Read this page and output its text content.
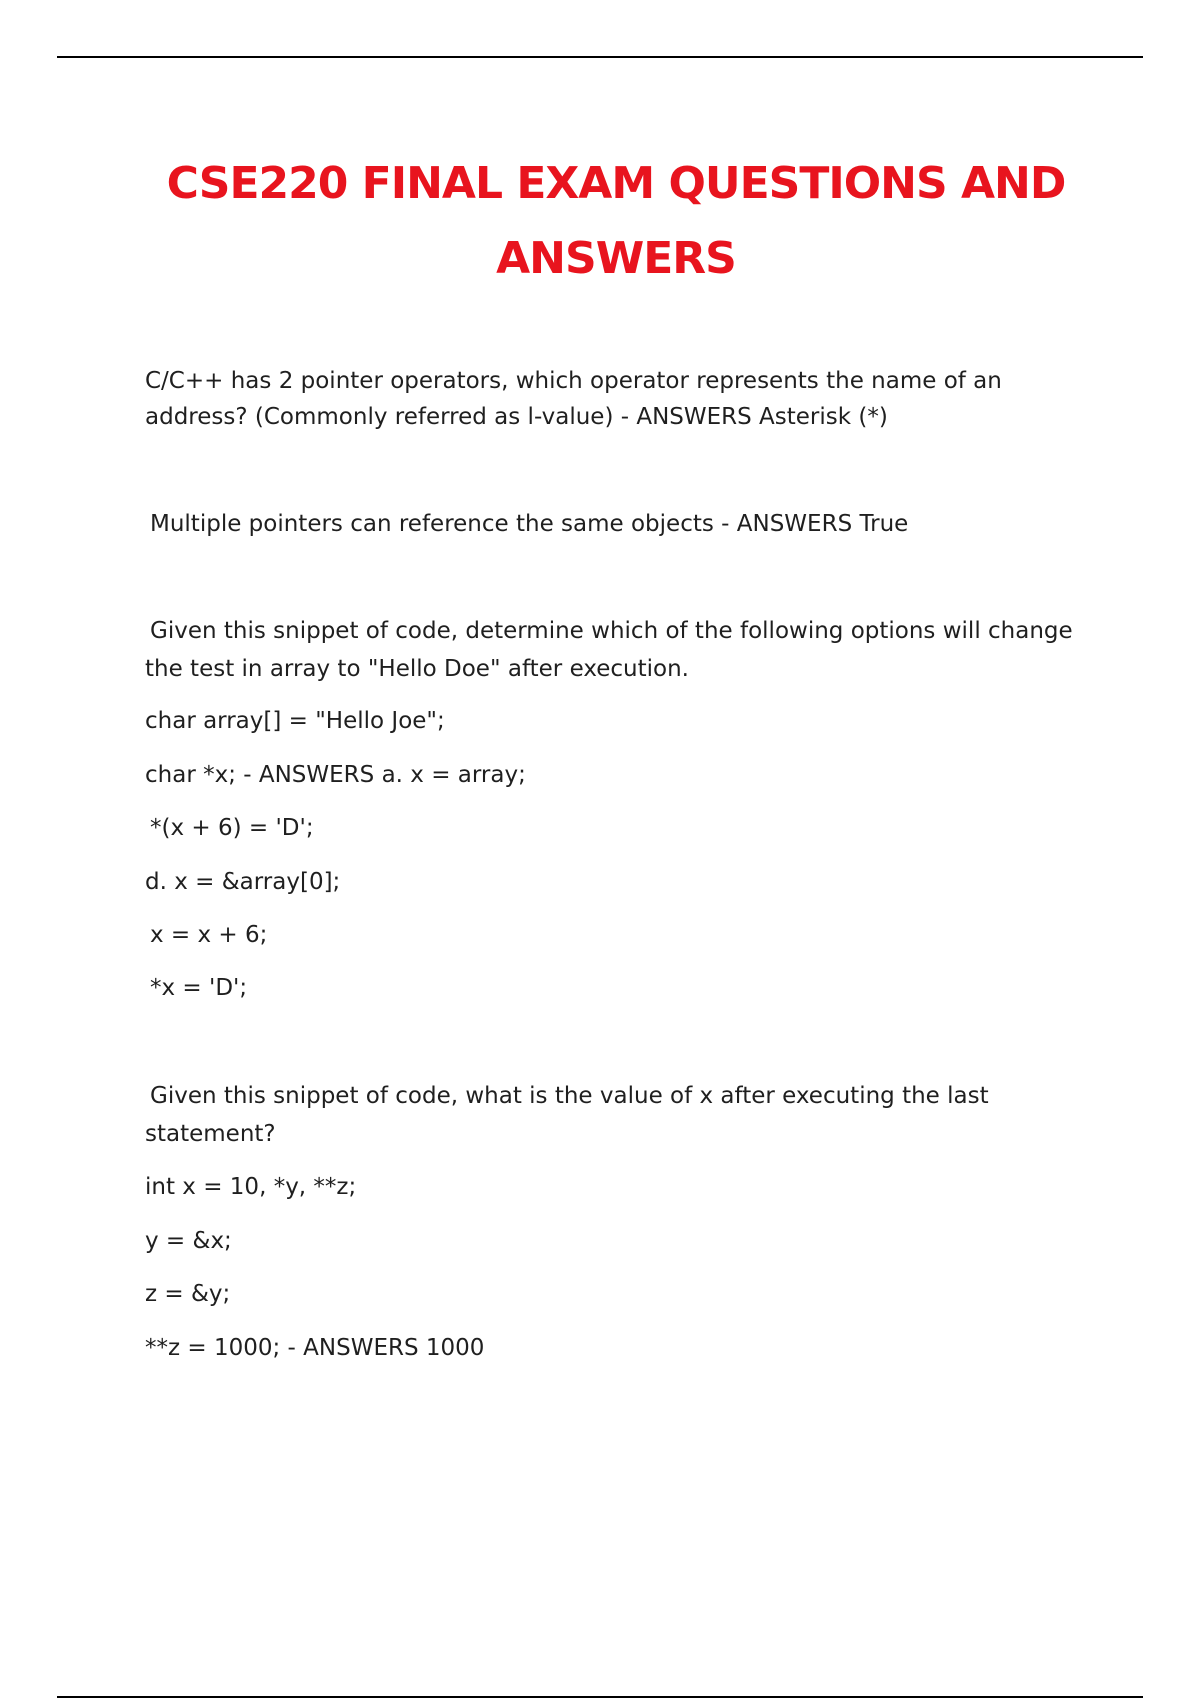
CSE220 FINAL EXAM QUESTIONS AND
ANSWERS

C/C++ has 2 pointer operators, which operator represents the name of an

address? (Commonly referred as l-value) - ANSWERS Asterisk (*)

Multiple pointers can reference the same objects - ANSWERS True

Given this snippet of code, determine which of the following options will change

the test in array to "Hello Doe" after execution.

char array[] = "Hello Joe";

char *x; - ANSWERS a. x = array;

*(x + 6) = 'D';

d. x = &array[0];

x = x + 6;

*x = 'D';

Given this snippet of code, what is the value of x after executing the last

statement?

int x = 10, *y, **z;

y = &x;

z = &y;

**z = 1000; - ANSWERS 1000
